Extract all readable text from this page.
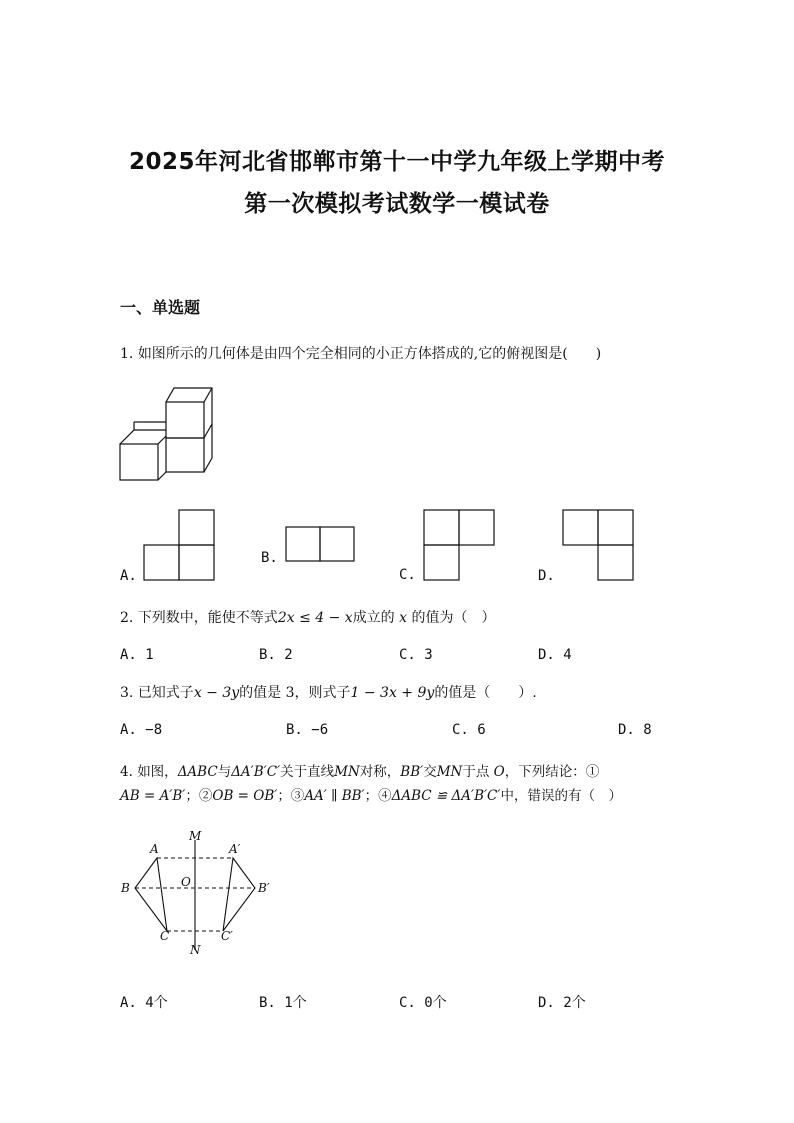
2025年河北省邯郸市第十一中学九年级上学期中考
第一次模拟考试数学一模试卷
一、单选题
1. 如图所示的几何体是由四个完全相同的小正方体搭成的,它的俯视图是(　　)
A.
B.
C.	D.
2. 下列数中，能使不等式2x ≤ 4 − x成立的 x 的值为（　）
A. 1	B. 2	C. 3	D. 4
3. 已知式子x − 3y的值是 3，则式子1 − 3x + 9y的值是（　　）.
A. −8	B. −6	C. 6	D. 8
4. 如图，ΔABC与ΔA′B′C′关于直线MN对称，BB′交MN于点 O，下列结论：①
AB = A′B′；②OB = OB′；③AA′ ∥ BB′；④ΔABC ≌ ΔA′B′C′中，错误的有（　）
M
A	A′
B	O	B′
C	C′
N
A. 4个	B. 1个	C. 0个	D. 2个
